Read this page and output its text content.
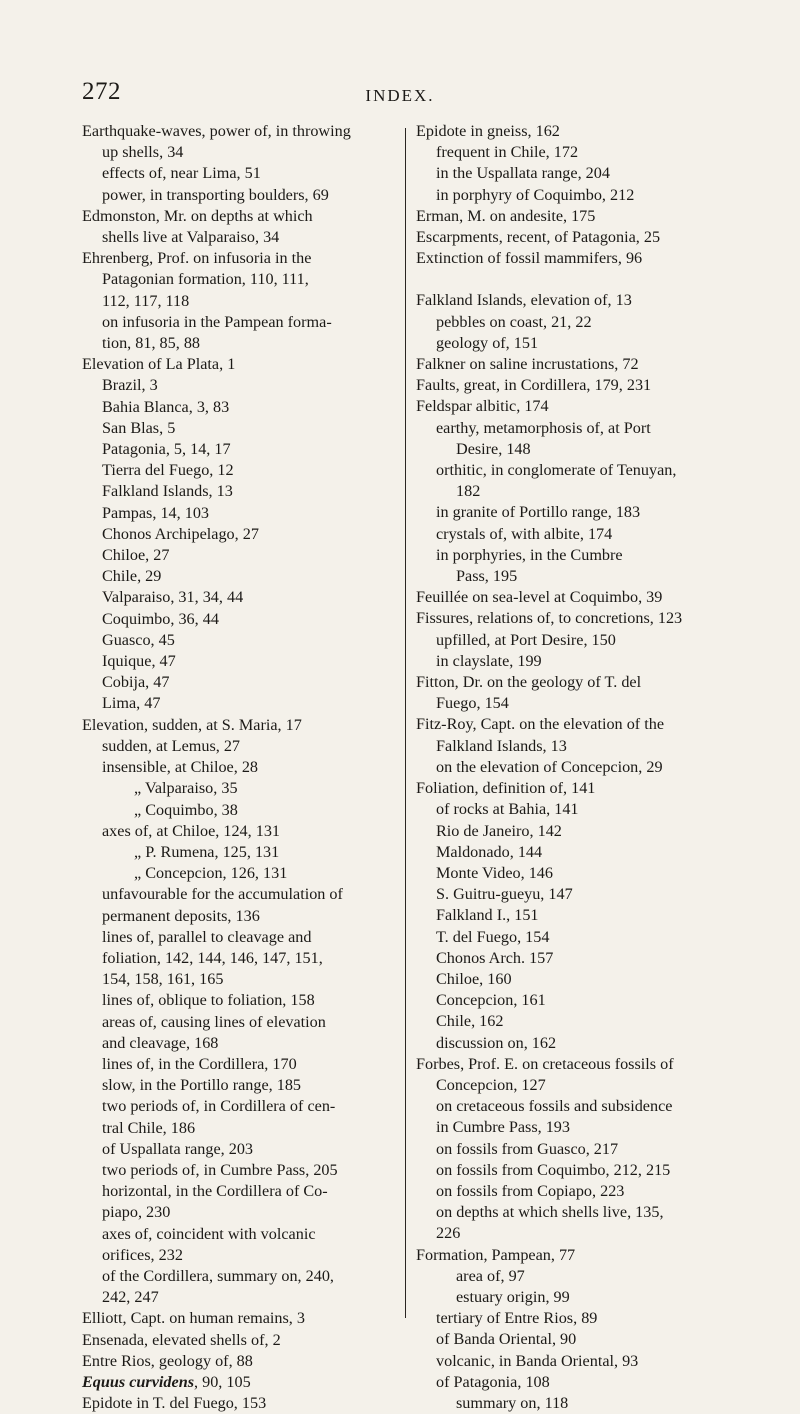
272	INDEX.
Earthquake-waves, power of, in throwing
up shells, 34
effects of, near Lima, 51
power, in transporting boulders, 69
Edmonston, Mr. on depths at which
shells live at Valparaiso, 34
Ehrenberg, Prof. on infusoria in the
Patagonian formation, 110, 111,
112, 117, 118
on infusoria in the Pampean forma-
tion, 81, 85, 88
Elevation of La Plata, 1
Brazil, 3
Bahia Blanca, 3, 83
San Blas, 5
Patagonia, 5, 14, 17
Tierra del Fuego, 12
Falkland Islands, 13
Pampas, 14, 103
Chonos Archipelago, 27
Chiloe, 27
Chile, 29
Valparaiso, 31, 34, 44
Coquimbo, 36, 44
Guasco, 45
Iquique, 47
Cobija, 47
Lima, 47
Elevation, sudden, at S. Maria, 17
sudden, at Lemus, 27
insensible, at Chiloe, 28
„ Valparaiso, 35
„ Coquimbo, 38
axes of, at Chiloe, 124, 131
„ P. Rumena, 125, 131
„ Concepcion, 126, 131
unfavourable for the accumulation of
permanent deposits, 136
lines of, parallel to cleavage and
foliation, 142, 144, 146, 147, 151,
154, 158, 161, 165
lines of, oblique to foliation, 158
areas of, causing lines of elevation
and cleavage, 168
lines of, in the Cordillera, 170
slow, in the Portillo range, 185
two periods of, in Cordillera of cen-
tral Chile, 186
of Uspallata range, 203
two periods of, in Cumbre Pass, 205
horizontal, in the Cordillera of Co-
piapo, 230
axes of, coincident with volcanic
orifices, 232
of the Cordillera, summary on, 240,
242, 247
Elliott, Capt. on human remains, 3
Ensenada, elevated shells of, 2
Entre Rios, geology of, 88
Equus curvidens, 90, 105
Epidote in T. del Fuego, 153
Epidote in gneiss, 162
frequent in Chile, 172
in the Uspallata range, 204
in porphyry of Coquimbo, 212
Erman, M. on andesite, 175
Escarpments, recent, of Patagonia, 25
Extinction of fossil mammifers, 96
Falkland Islands, elevation of, 13
pebbles on coast, 21, 22
geology of, 151
Falkner on saline incrustations, 72
Faults, great, in Cordillera, 179, 231
Feldspar albitic, 174
earthy, metamorphosis of, at Port
Desire, 148
orthitic, in conglomerate of Tenuyan,
182
in granite of Portillo range, 183
crystals of, with albite, 174
in porphyries, in the Cumbre
Pass, 195
Feuillée on sea-level at Coquimbo, 39
Fissures, relations of, to concretions, 123
upfilled, at Port Desire, 150
in clayslate, 199
Fitton, Dr. on the geology of T. del
Fuego, 154
Fitz-Roy, Capt. on the elevation of the
Falkland Islands, 13
on the elevation of Concepcion, 29
Foliation, definition of, 141
of rocks at Bahia, 141
Rio de Janeiro, 142
Maldonado, 144
Monte Video, 146
S. Guitru-gueyu, 147
Falkland I., 151
T. del Fuego, 154
Chonos Arch. 157
Chiloe, 160
Concepcion, 161
Chile, 162
discussion on, 162
Forbes, Prof. E. on cretaceous fossils of
Concepcion, 127
on cretaceous fossils and subsidence
in Cumbre Pass, 193
on fossils from Guasco, 217
on fossils from Coquimbo, 212, 215
on fossils from Copiapo, 223
on depths at which shells live, 135,
226
Formation, Pampean, 77
area of, 97
estuary origin, 99
tertiary of Entre Rios, 89
of Banda Oriental, 90
volcanic, in Banda Oriental, 93
of Patagonia, 108
summary on, 118
